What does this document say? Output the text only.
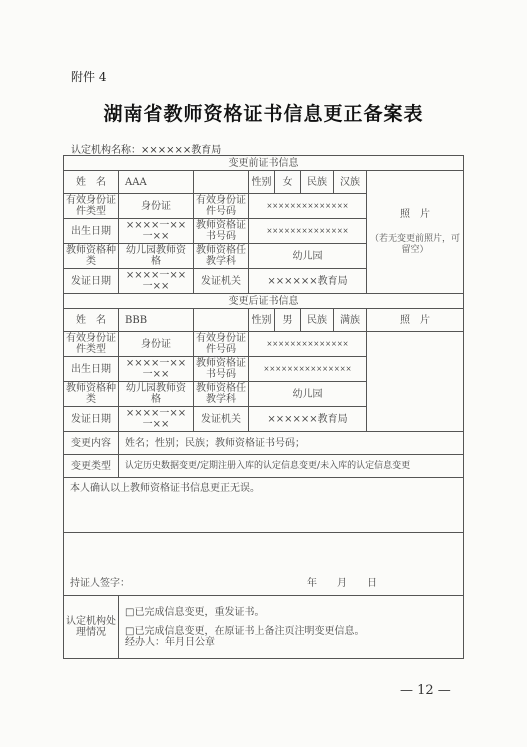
附件 4
湖南省教师资格证书信息更正备案表
认定机构名称：××××××教育局
变更前证书信息							
姓　名	AAA		性别	女	民族	汉族	照　片
（若无变更前照片，可留空）

有效身份证件类型	身份证	有效身份证件号码	××××××××××××××				
出生日期	××××一××一××	教师资格证书号码	××××××××××××××				
教师资格种　类	幼儿园教师资　格	教师资格任教学科	幼儿园				
发证日期	××××一××一××	发证机关	××××××教育局				
变更后证书信息							
姓　名	BBB		性别	男	民族	满族	照　片
有效身份证件类型	身份证	有效身份证件号码	××××××××××××××				
出生日期	××××一××一××	教师资格证书号码	×××××××××××××××				
教师资格种　类	幼儿园教师资　格	教师资格任教学科	幼儿园				
发证日期	××××一××一××	发证机关	××××××教育局				
变更内容	姓名；性别；民族；教师资格证书号码；						
变更类型	认定历史数据变更/定期注册入库的认定信息变更/未入库的认定信息变更						
本人确认以上教师资格证书信息更正无误。							
持证人签字： 年　　月　　日							

认定机构处理情况	□已完成信息变更，重发证书。
□已完成信息变更，在原证书上备注页注明变更信息。
经办人：年月日公章						
— 12 —
